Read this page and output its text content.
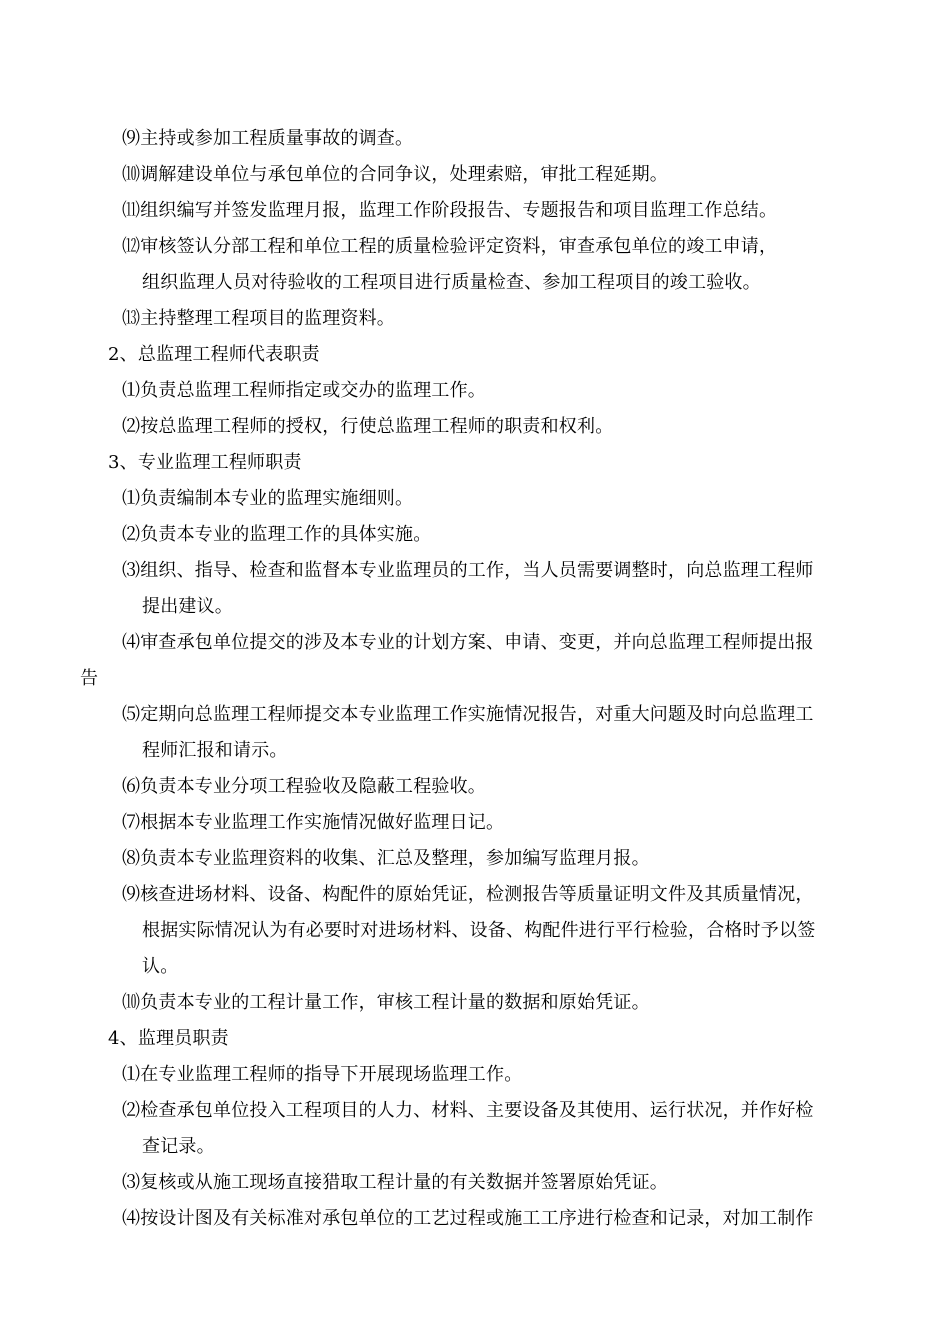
⑼主持或参加工程质量事故的调查。
⑽调解建设单位与承包单位的合同争议，处理索赔，审批工程延期。
⑾组织编写并签发监理月报，监理工作阶段报告、专题报告和项目监理工作总结。
⑿审核签认分部工程和单位工程的质量检验评定资料，审查承包单位的竣工申请，
组织监理人员对待验收的工程项目进行质量检查、参加工程项目的竣工验收。
⒀主持整理工程项目的监理资料。
2、总监理工程师代表职责
⑴负责总监理工程师指定或交办的监理工作。
⑵按总监理工程师的授权，行使总监理工程师的职责和权利。
3、专业监理工程师职责
⑴负责编制本专业的监理实施细则。
⑵负责本专业的监理工作的具体实施。
⑶组织、指导、检查和监督本专业监理员的工作，当人员需要调整时，向总监理工程师
提出建议。
⑷审查承包单位提交的涉及本专业的计划方案、申请、变更，并向总监理工程师提出报
告
⑸定期向总监理工程师提交本专业监理工作实施情况报告，对重大问题及时向总监理工
程师汇报和请示。
⑹负责本专业分项工程验收及隐蔽工程验收。
⑺根据本专业监理工作实施情况做好监理日记。
⑻负责本专业监理资料的收集、汇总及整理，参加编写监理月报。
⑼核查进场材料、设备、构配件的原始凭证，检测报告等质量证明文件及其质量情况，
根据实际情况认为有必要时对进场材料、设备、构配件进行平行检验，合格时予以签
认。
⑽负责本专业的工程计量工作，审核工程计量的数据和原始凭证。
4、监理员职责
⑴在专业监理工程师的指导下开展现场监理工作。
⑵检查承包单位投入工程项目的人力、材料、主要设备及其使用、运行状况，并作好检
查记录。
⑶复核或从施工现场直接猎取工程计量的有关数据并签署原始凭证。
⑷按设计图及有关标准对承包单位的工艺过程或施工工序进行检查和记录，对加工制作
